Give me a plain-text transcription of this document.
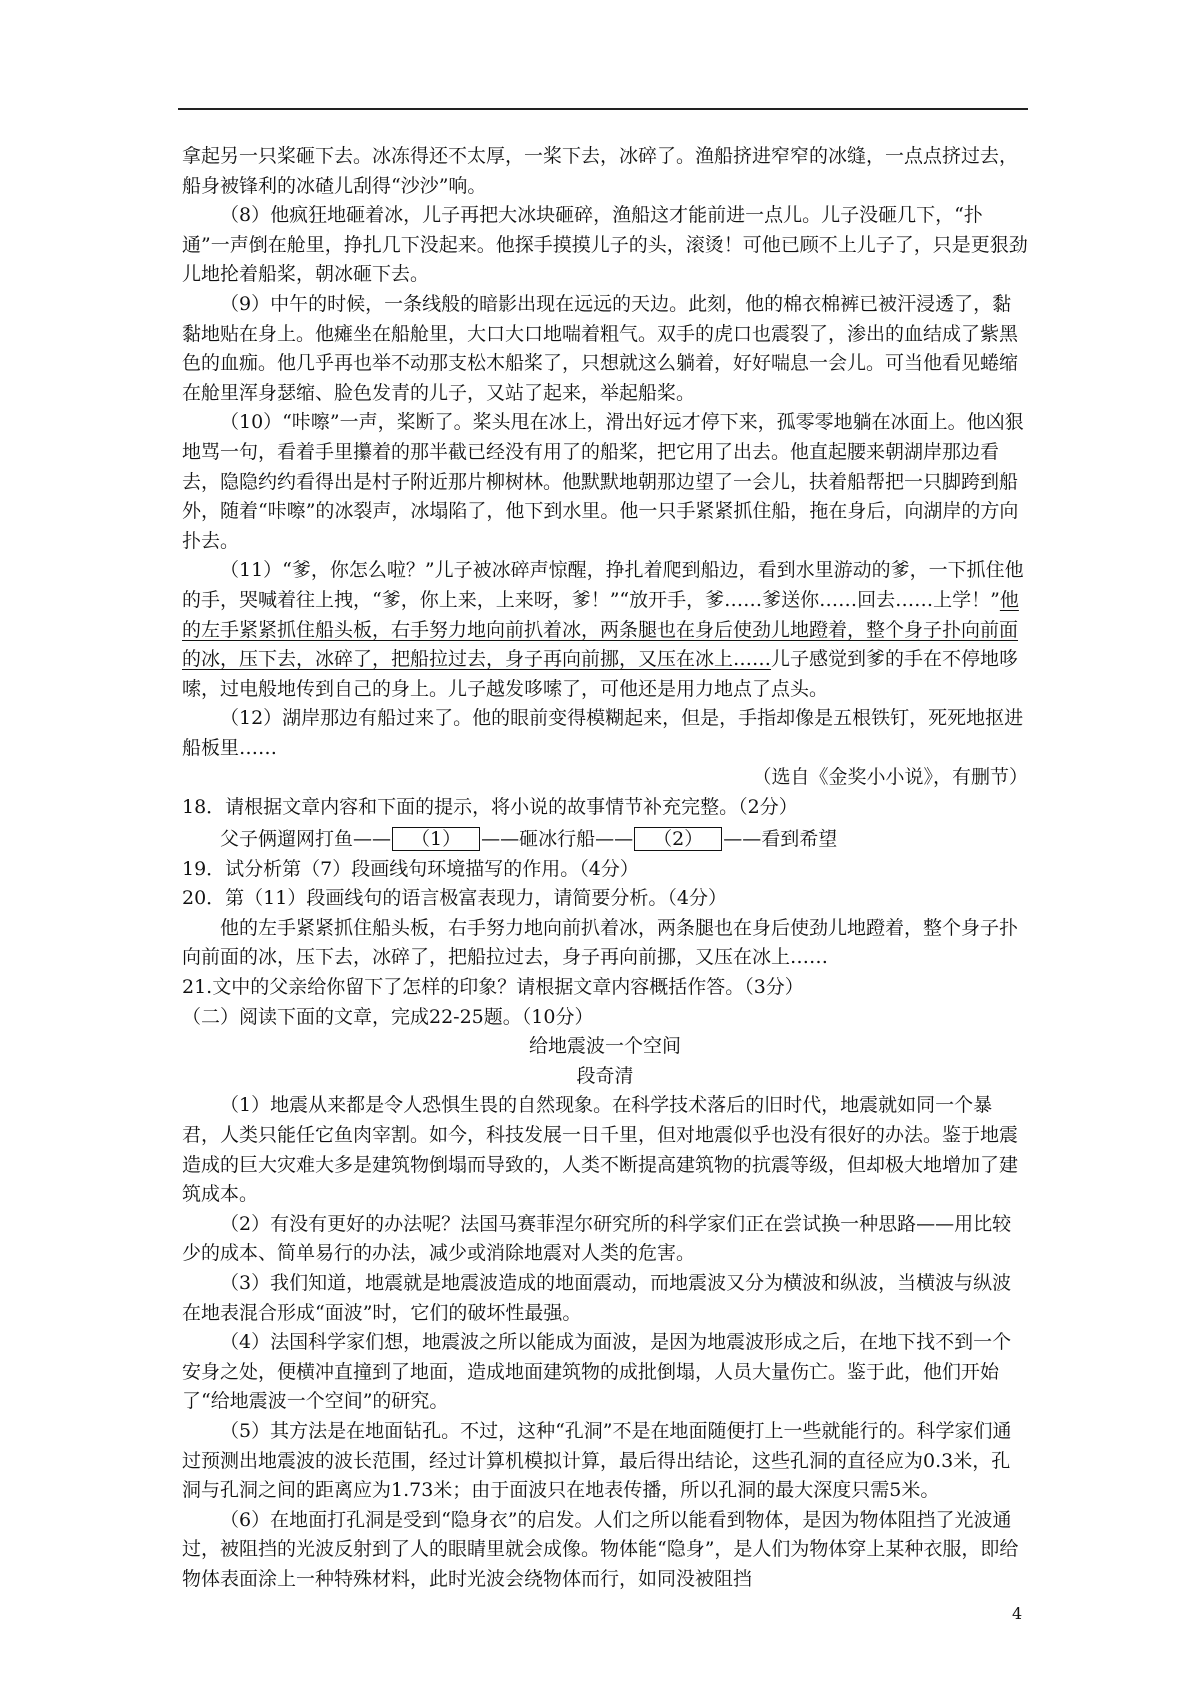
拿起另一只桨砸下去。冰冻得还不太厚，一桨下去，冰碎了。渔船挤进窄窄的冰缝，一点点挤过去，船身被锋利的冰碴儿刮得“沙沙”响。

（8）他疯狂地砸着冰，儿子再把大冰块砸碎，渔船这才能前进一点儿。儿子没砸几下，“扑通”一声倒在舱里，挣扎几下没起来。他探手摸摸儿子的头，滚烫！可他已顾不上儿子了，只是更狠劲儿地抡着船桨，朝冰砸下去。

（9）中午的时候，一条线般的暗影出现在远远的天边。此刻，他的棉衣棉裤已被汗浸透了，黏黏地贴在身上。他瘫坐在船舱里，大口大口地喘着粗气。双手的虎口也震裂了，渗出的血结成了紫黑色的血痂。他几乎再也举不动那支松木船桨了，只想就这么躺着，好好喘息一会儿。可当他看见蜷缩在舱里浑身瑟缩、脸色发青的儿子，又站了起来，举起船桨。

（10）“咔嚓”一声，桨断了。桨头甩在冰上，滑出好远才停下来，孤零零地躺在冰面上。他凶狠地骂一句，看着手里攥着的那半截已经没有用了的船桨，把它用了出去。他直起腰来朝湖岸那边看去，隐隐约约看得出是村子附近那片柳树林。他默默地朝那边望了一会儿，扶着船帮把一只脚跨到船外，随着“咔嚓”的冰裂声，冰塌陷了，他下到水里。他一只手紧紧抓住船，拖在身后，向湖岸的方向扑去。

（11）“爹，你怎么啦？”儿子被冰碎声惊醒，挣扎着爬到船边，看到水里游动的爹，一下抓住他的手，哭喊着往上拽，“爹，你上来，上来呀，爹！”“放开手，爹……爹送你……回去……上学！”他的左手紧紧抓住船头板，右手努力地向前扒着冰，两条腿也在身后使劲儿地蹬着，整个身子扑向前面的冰，压下去，冰碎了，把船拉过去，身子再向前挪，又压在冰上……儿子感觉到爹的手在不停地哆嗦，过电般地传到自己的身上。儿子越发哆嗦了，可他还是用力地点了点头。

（12）湖岸那边有船过来了。他的眼前变得模糊起来，但是，手指却像是五根铁钉，死死地抠进船板里……

（选自《金奖小小说》，有删节）

18．请根据文章内容和下面的提示，将小说的故事情节补充完整。（2分）

父子俩遛网打鱼—— （1） ——砸冰行船—— （2） ——看到希望

19．试分析第（7）段画线句环境描写的作用。（4分）

20．第（11）段画线句的语言极富表现力，请简要分析。（4分）

他的左手紧紧抓住船头板，右手努力地向前扒着冰，两条腿也在身后使劲儿地蹬着，整个身子扑向前面的冰，压下去，冰碎了，把船拉过去，身子再向前挪，又压在冰上……

21.文中的父亲给你留下了怎样的印象？请根据文章内容概括作答。（3分）

（二）阅读下面的文章，完成22-25题。（10分）

给地震波一个空间

段奇清

（1）地震从来都是令人恐惧生畏的自然现象。在科学技术落后的旧时代，地震就如同一个暴君，人类只能任它鱼肉宰割。如今，科技发展一日千里，但对地震似乎也没有很好的办法。鉴于地震造成的巨大灾难大多是建筑物倒塌而导致的，人类不断提高建筑物的抗震等级，但却极大地增加了建筑成本。

（2）有没有更好的办法呢？法国马赛菲涅尔研究所的科学家们正在尝试换一种思路——用比较少的成本、简单易行的办法，减少或消除地震对人类的危害。

（3）我们知道，地震就是地震波造成的地面震动，而地震波又分为横波和纵波，当横波与纵波在地表混合形成“面波”时，它们的破坏性最强。

（4）法国科学家们想，地震波之所以能成为面波，是因为地震波形成之后，在地下找不到一个安身之处，便横冲直撞到了地面，造成地面建筑物的成批倒塌，人员大量伤亡。鉴于此，他们开始了“给地震波一个空间”的研究。

（5）其方法是在地面钻孔。不过，这种“孔洞”不是在地面随便打上一些就能行的。科学家们通过预测出地震波的波长范围，经过计算机模拟计算，最后得出结论，这些孔洞的直径应为0.3米，孔洞与孔洞之间的距离应为1.73米；由于面波只在地表传播，所以孔洞的最大深度只需5米。

（6）在地面打孔洞是受到“隐身衣”的启发。人们之所以能看到物体，是因为物体阻挡了光波通过，被阻挡的光波反射到了人的眼睛里就会成像。物体能“隐身”，是人们为物体穿上某种衣服，即给物体表面涂上一种特殊材料，此时光波会绕物体而行，如同没被阻挡

4
